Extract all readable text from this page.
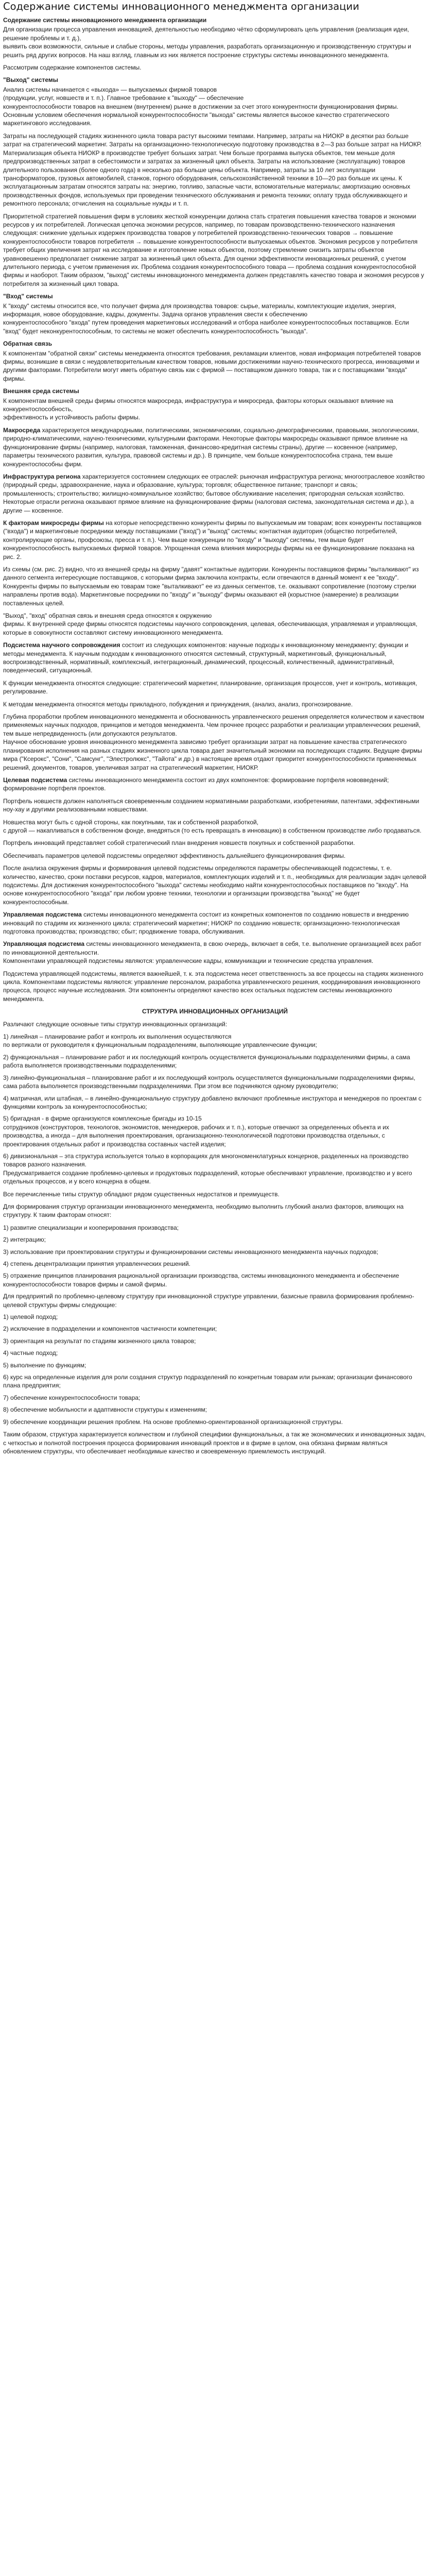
Содержание системы инновационного менеджмента организации
Содержание системы инновационного менеджмента организации
Для организации процесса управления инновацией, деятельностью необходимо чётко сформулировать цель управления (реализация идеи, решение проблемы и т. д.),
выявить свои возможности, сильные и слабые стороны, методы управления, разработать организационную и производственную структуры и решить ряд других вопросов. На наш взгляд, главным из них является построение структуры системы инновационного менеджмента.
Рассмотрим содержание компонентов системы.
"Выход" системы
Анализ системы начинается с «выхода» — выпускаемых фирмой товаров
(продукции, услуг, новшеств и т. п.). Главное требование к "выходу" — обеспечение
конкурентоспособности товаров на внешнем (внутреннем) рынке в достижении за счет этого конкурентности функционирования фирмы. Основным условием обеспечения нормальной конкурентоспособности "выхода" системы является высокое качество стратегического маркетингового исследования.
Затраты на последующей стадиях жизненного цикла товара растут высокими темпами. Например, затраты на НИОКР в десятки раз больше затрат на стратегический маркетинг. Затраты на организационно-технологическую подготовку производства в 2—3 раз больше затрат на НИОКР. Материализация объекта НИОКР в производстве требует больших затрат. Чем больше программа выпуска объектов, тем меньше доля предпроизводственных затрат в себестоимости и затратах за жизненный цикл объекта. Затраты на использование (эксплуатацию) товаров длительного пользования (более одного года) в несколько раз больше цены объекта. Например, затраты за 10 лет эксплуатации трансформаторов, грузовых автомобилей, станков, горного оборудования, сельскохозяйственной техники в 10—20 раз больше их цены. К эксплуатационным затратам относятся затраты на: энергию, топливо, запасные части, вспомогательные материалы; амортизацию основных производственных фондов, используемых при проведении технического обслуживания и ремонта техники; оплату труда обслуживающего и ремонтного персонала; отчисления на социальные нужды и т. п.
Приоритетной стратегией повышения фирм в условиях жесткой конкуренции должна стать стратегия повышения качества товаров и экономии ресурсов у их потребителей. Логическая цепочка экономии ресурсов, например, по товарам производственно-технического назначения следующая: снижение удельных издержек производства товаров у потребителей производственно-технических товаров → повышение конкурентоспособности товаров потребителя → повышение конкурентоспособности выпускаемых объектов. Экономия ресурсов у потребителя требует общих увеличения затрат на исследование и изготовление новых объектов, поэтому стремление снизить затраты объектов уравновешенно предполагает снижение затрат за жизненный цикл объекта. Для оценки эффективности инновационных решений, с учетом длительного периода, с учетом применения их. Проблема создания конкурентоспособного товара — проблема создания конкурентоспособной фирмы и наоборот. Таким образом, "выход" системы инновационного менеджмента должен представлять качество товара и экономия ресурсов у потребителя за жизненный цикл товара.
"Вход" системы
К "входу" системы относится все, что получает фирма для производства товаров: сырье, материалы, комплектующие изделия, энергия, информация, новое оборудование, кадры, документы. Задача органов управления свести к обеспечению
конкурентоспособного "входа" путем проведения маркетинговых исследований и отбора наиболее конкурентоспособных поставщиков. Если "вход" будет неконкурентоспособным, то системы не может обеспечить конкурентоспособность "выхода".
Обратная связь
К компонентам "обратной связи" системы менеджмента относятся требования, рекламации клиентов, новая информация потребителей товаров фирмы, возникшие в связи с неудовлетворительным качеством товаров, новыми достижениями научно-технического прогресса, инновациями и другими факторами. Потребители могут иметь обратную связь как с фирмой — поставщиком данного товара, так и с поставщиками "входа" фирмы.
Внешняя среда системы
К компонентам внешней среды фирмы относятся макросреда, инфраструктура и микросреда, факторы которых оказывают влияние на конкурентоспособность,
эффективность и устойчивость работы фирмы.
Макросреда характеризуется международными, политическими, экономическими, социально-демографическими, правовыми, экологическими, природно-климатическими, научно-техническими, культурными факторами. Некоторые факторы макросреды оказывают прямое влияние на функционирование фирмы (например, налоговая, таможенная, финансово-кредитная системы страны), другие — косвенное (например, параметры технического развития, культура, правовой системы и др.). В принципе, чем больше конкурентоспособна страна, тем выше конкурентоспособны фирм.
Инфраструктура региона характеризуется состоянием следующих ее отраслей: рыночная инфраструктура региона; многоотраслевое хозяйство (природный среды, здравоохранение, наука и образование, культура; торговля; общественное питание; транспорт и связь;
промышленность; строительство; жилищно-коммунальное хозяйство; бытовое обслуживание населения; пригородная сельская хозяйство. Некоторые отрасли региона оказывают прямое влияние на функционирование фирмы (налоговая система, законодательная система и др.), а другие — косвенное.
К факторам микросреды фирмы на которые непосредственно конкуренты фирмы по выпускаемым им товарам; всех конкуренты поставщиков ("входа") и маркетинговые посредники между поставщиками ("вход") и "выход" системы; контактная аудитория (общество потребителей, контролирующие органы, профсоюзы, пресса и т. п.). Чем выше конкуренции по "входу" и "выходу" системы, тем выше будет конкурентоспособность выпускаемых фирмой товаров. Упрощенная схема влияния микросреды фирмы на ее функционирование показана на рис. 2.
Из схемы (см. рис. 2) видно, что из внешней среды на фирму "давят" контактные аудитории. Конкуренты поставщиков фирмы "выталкивают" из данного сегмента интересующие поставщиков, с которыми фирма заключила контракты, если отвечаются в данный момент к ее "входу". Конкуренты фирмы по выпускаемым ею товарам тоже "выталкивают" ее из данных сегментов, т.е. оказывают сопротивление (поэтому стрелки направлены против вода). Маркетинговые посредники по "входу" и "выходу" фирмы оказывают ей (корыстное (намерение) в реализации поставленных целей.
"Выход", "вход" обратная связь и внешняя среда относятся к окружению
фирмы. К внутренней среде фирмы относятся подсистемы научного сопровождения, целевая, обеспечивающая, управляемая и управляющая, которые в совокупности составляют систему инновационного менеджмента.
Подсистема научного сопровождения состоит из следующих компонентов: научные подходы к инновационному менеджменту; функции и методы менеджмента. К научным подходам к инновационного относятся системный, структурный, маркетинговый, функциональный, воспроизводственный, нормативный, комплексный, интеграционный, динамический, процессный, количественный, административный, поведенческий, ситуационный.
К функции менеджмента относятся следующие: стратегический маркетинг, планирование, организация процессов, учет и контроль, мотивация, регулирование.
К методам менеджмента относятся методы прикладного, побуждения и принуждения, (анализ, анализ, прогнозирование.
Глубина проработки проблем инновационного менеджмента и обоснованность управленческого решения определяется количеством и качеством применяемых научных подходов, принципов и методов менеджмента. Чем прочнее процесс разработки и реализации управленческих решений, тем выше непредвиденность (или допускаются результатов.
Научное обоснование уровня инновационного менеджмента зависимо требует организации затрат на повышение качества стратегического планирования исполнения на разных стадиях жизненного цикла товара дает значительный экономии на последующих стадиях. Ведущие фирмы мира ("Ксерокс", "Сони", "Самсунг", "Элестролюкс", "Тайота" и др.) в настоящее время отдают приоритет конкурентоспособности применяемых решений, документов, товаров, увеличивая затрат на стратегический маркетинг, НИОКР.
Целевая подсистема системы инновационного менеджмента состоит из двух компонентов: формирование портфеля нововведений; формирование портфеля проектов.
Портфель новшеств должен наполняться своевременным созданием нормативными разработками, изобретениями, патентами, эффективными ноу-хау и другими реализованными новшествами.
Новшества могут быть с одной стороны, как покупными, так и собственной разработкой,
с другой — накапливаться в собственном фонде, внедряться (то есть превращать в инновацию) в собственном производстве либо продаваться.
Портфель инноваций представляет собой стратегический план внедрения новшеств покупных и собственной разработки.
Обеспечивать параметров целевой подсистемы определяют эффективность дальнейшего функционирования фирмы.
После анализа окружения фирмы и формирования целевой подсистемы определяются параметры обеспечивающей подсистемы, т. е. количество, качество, сроки поставки ресурсов, кадров, материалов, комплектующих изделий и т. п., необходимых для реализации задач целевой подсистемы. Для достижения конкурентоспособного "выхода" системы необходимо найти конкурентоспособных поставщиков по "входу". На основе конкурентоспособного "входа" при любом уровне техники, технологии и организации производства "выход" не будет конкурентоспособным.
Управляемая подсистема системы инновационного менеджмента состоит из конкретных компонентов по созданию новшеств и внедрению инноваций по стадиям их жизненного цикла: стратегический маркетинг; НИОКР по созданию новшеств; организационно-технологическая подготовка производства; производство; сбыт; продвижение товара, обслуживания.
Управляющая подсистема системы инновационного менеджмента, в свою очередь, включает в себя, т.е. выполнение организацией всех работ по инновационной деятельности.
Компонентами управляющей подсистемы являются: управленческие кадры, коммуникации и технические средства управления.
Подсистема управляющей подсистемы, является важнейшей, т. к. эта подсистема несет ответственность за все процессы на стадиях жизненного цикла. Компонентами подсистемы являются: управление персоналом, разработка управленческого решения, координирования инновационного процесса, процесс научные исследования. Эти компоненты определяют качество всех остальных подсистем системы инновационного менеджмента.
СТРУКТУРА ИННОВАЦИОННЫХ ОРГАНИЗАЦИЙ
Различают следующие основные типы структур инновационных организаций:
1) линейная – планирование работ и контроль их выполнения осуществляются
по вертикали от руководителя к функциональным подразделениям, выполняющие управленческие функции;
2) функциональная – планирование работ и их последующий контроль осуществляется функциональными подразделениями фирмы, а сама работа выполняется производственными подразделениями;
3) линейно-функциональная – планирование работ и их последующий контроль осуществляется функциональными подразделениями фирмы, сама работа выполняется производственными подразделениями. При этом все подчиняются одному руководителю;
4) матричная, или штабная, – в линейно-функциональную структуру добавлено включают проблемные инструктора и менеджеров по проектам с функциями контроль за конкурентоспособностью;
5) бригадная - в фирме организуются комплексные бригады из 10-15
сотрудников (конструкторов, технологов, экономистов, менеджеров, рабочих и т. п.), которые отвечают за определенных объекта и их производства, а иногда – для выполнения проектирования, организационно-технологической подготовки производства отдельных, с
проектирования отдельных работ и производства составных частей изделия;
6) дивизиональная – эта структура используется только в корпорациях для многономенклатурных концернов, разделенных на производство товаров разного назначения.
Предусматривается создание проблемно-целевых и продуктовых подразделений, которые обеспечивают управление, производство и у всего отдельных процессов, и у всего концерна в общем.
Все перечисленные типы структур обладают рядом существенных недостатков и преимуществ.
Для формирования структур организации инновационного менеджмента, необходимо выполнить глубокий анализ факторов, влияющих на структуру. К таким факторам относят:
1) развитие специализации и кооперирования производства;
2) интеграцию;
3) использование при проектировании структуры и функционировании системы инновационного менеджмента научных подходов;
4) степень децентрализации принятия управленческих решений.
5) отражение принципов планирования рациональной организации производства, системы инновационного менеджмента и обеспечение конкурентоспособности товаров фирмы и самой фирмы.
Для предприятий по проблемно-целевому структуру при инновационной структуре управлении, базисные правила формирования проблемно-целевой структуры фирмы следующие:
1) целевой подход;
2) исключение в подразделении и компонентов частичности компетенции;
3) ориентация на результат по стадиям жизненного цикла товаров;
4) частные подход;
5) выполнение по функциям;
6) курс на определенные изделия для роли создания структур подразделений по конкретным товарам или рынкам; организации финансового плана предприятия;
7) обеспечение конкурентоспособности товара;
8) обеспечение мобильности и адаптивности структуры к изменениям;
9) обеспечение координации решения проблем. На основе проблемно-ориентированной организационной структуры.
Таким образом, структура характеризуется количеством и глубиной специфики функциональных, а так же экономических и инновационных задач, с четкостью и полнотой построения процесса формирования инноваций проектов и в фирме в целом, она обязана фирмам являться обновлением структуры, что обеспечивает необходимые качество и своевременную приемлемость инструкций.
